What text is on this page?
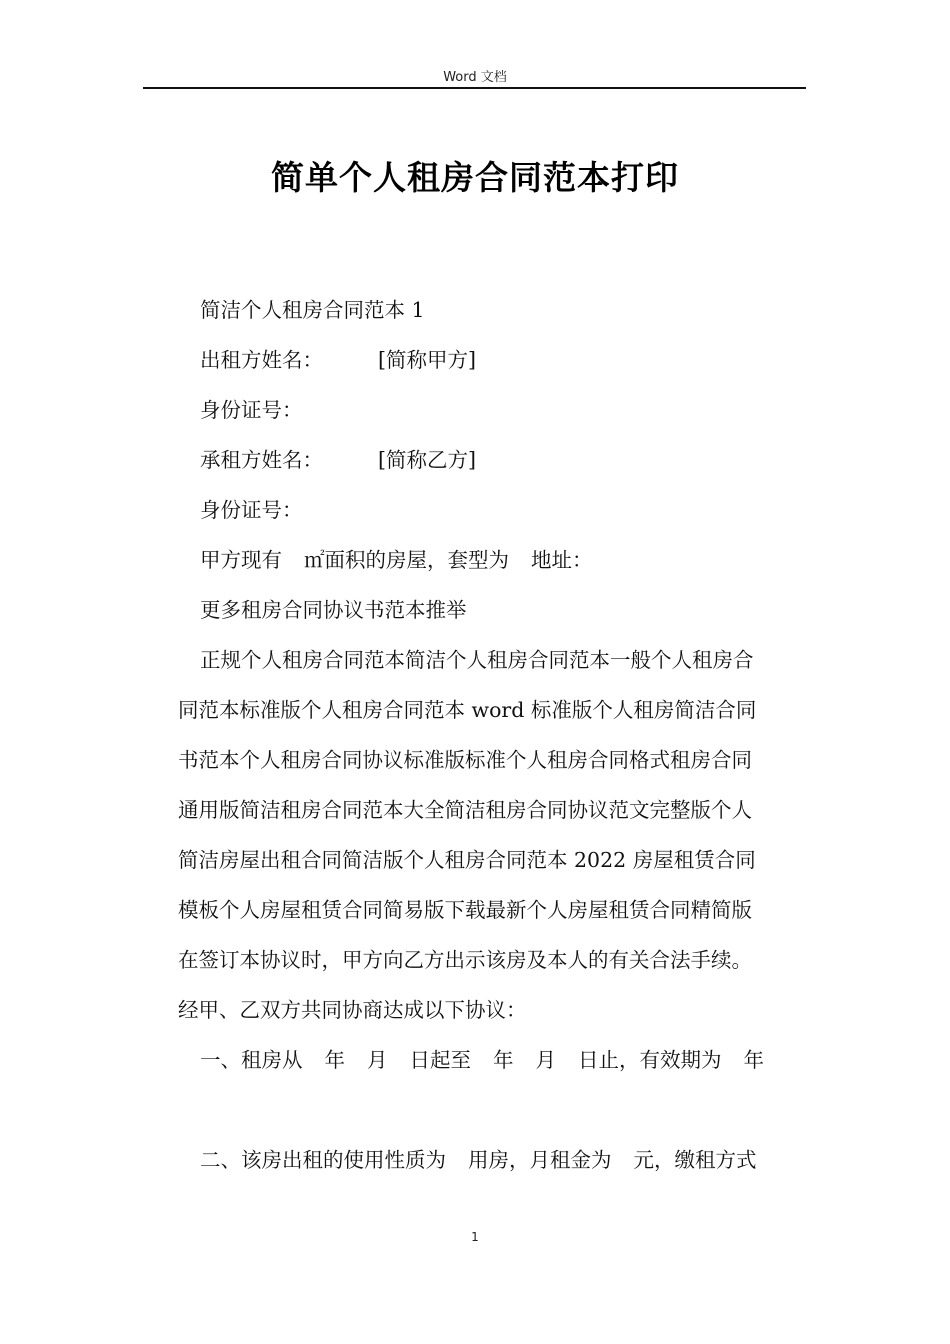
Word 文档
简单个人租房合同范本打印
简洁个人租房合同范本 1
出租方姓名：	[简称甲方]
身份证号：
承租方姓名：	[简称乙方]
身份证号：
甲方现有 ㎡面积的房屋，套型为 地址：
更多租房合同协议书范本推举
正规个人租房合同范本简洁个人租房合同范本一般个人租房合
同范本标准版个人租房合同范本 word 标准版个人租房简洁合同
书范本个人租房合同协议标准版标准个人租房合同格式租房合同
通用版简洁租房合同范本大全简洁租房合同协议范文完整版个人
简洁房屋出租合同简洁版个人租房合同范本 2022 房屋租赁合同
模板个人房屋租赁合同简易版下载最新个人房屋租赁合同精简版
在签订本协议时，甲方向乙方出示该房及本人的有关合法手续。
经甲、乙双方共同协商达成以下协议：
一、租房从 年 月 日起至 年 月 日止，有效期为 年
二、该房出租的使用性质为 用房，月租金为 元，缴租方式
1
